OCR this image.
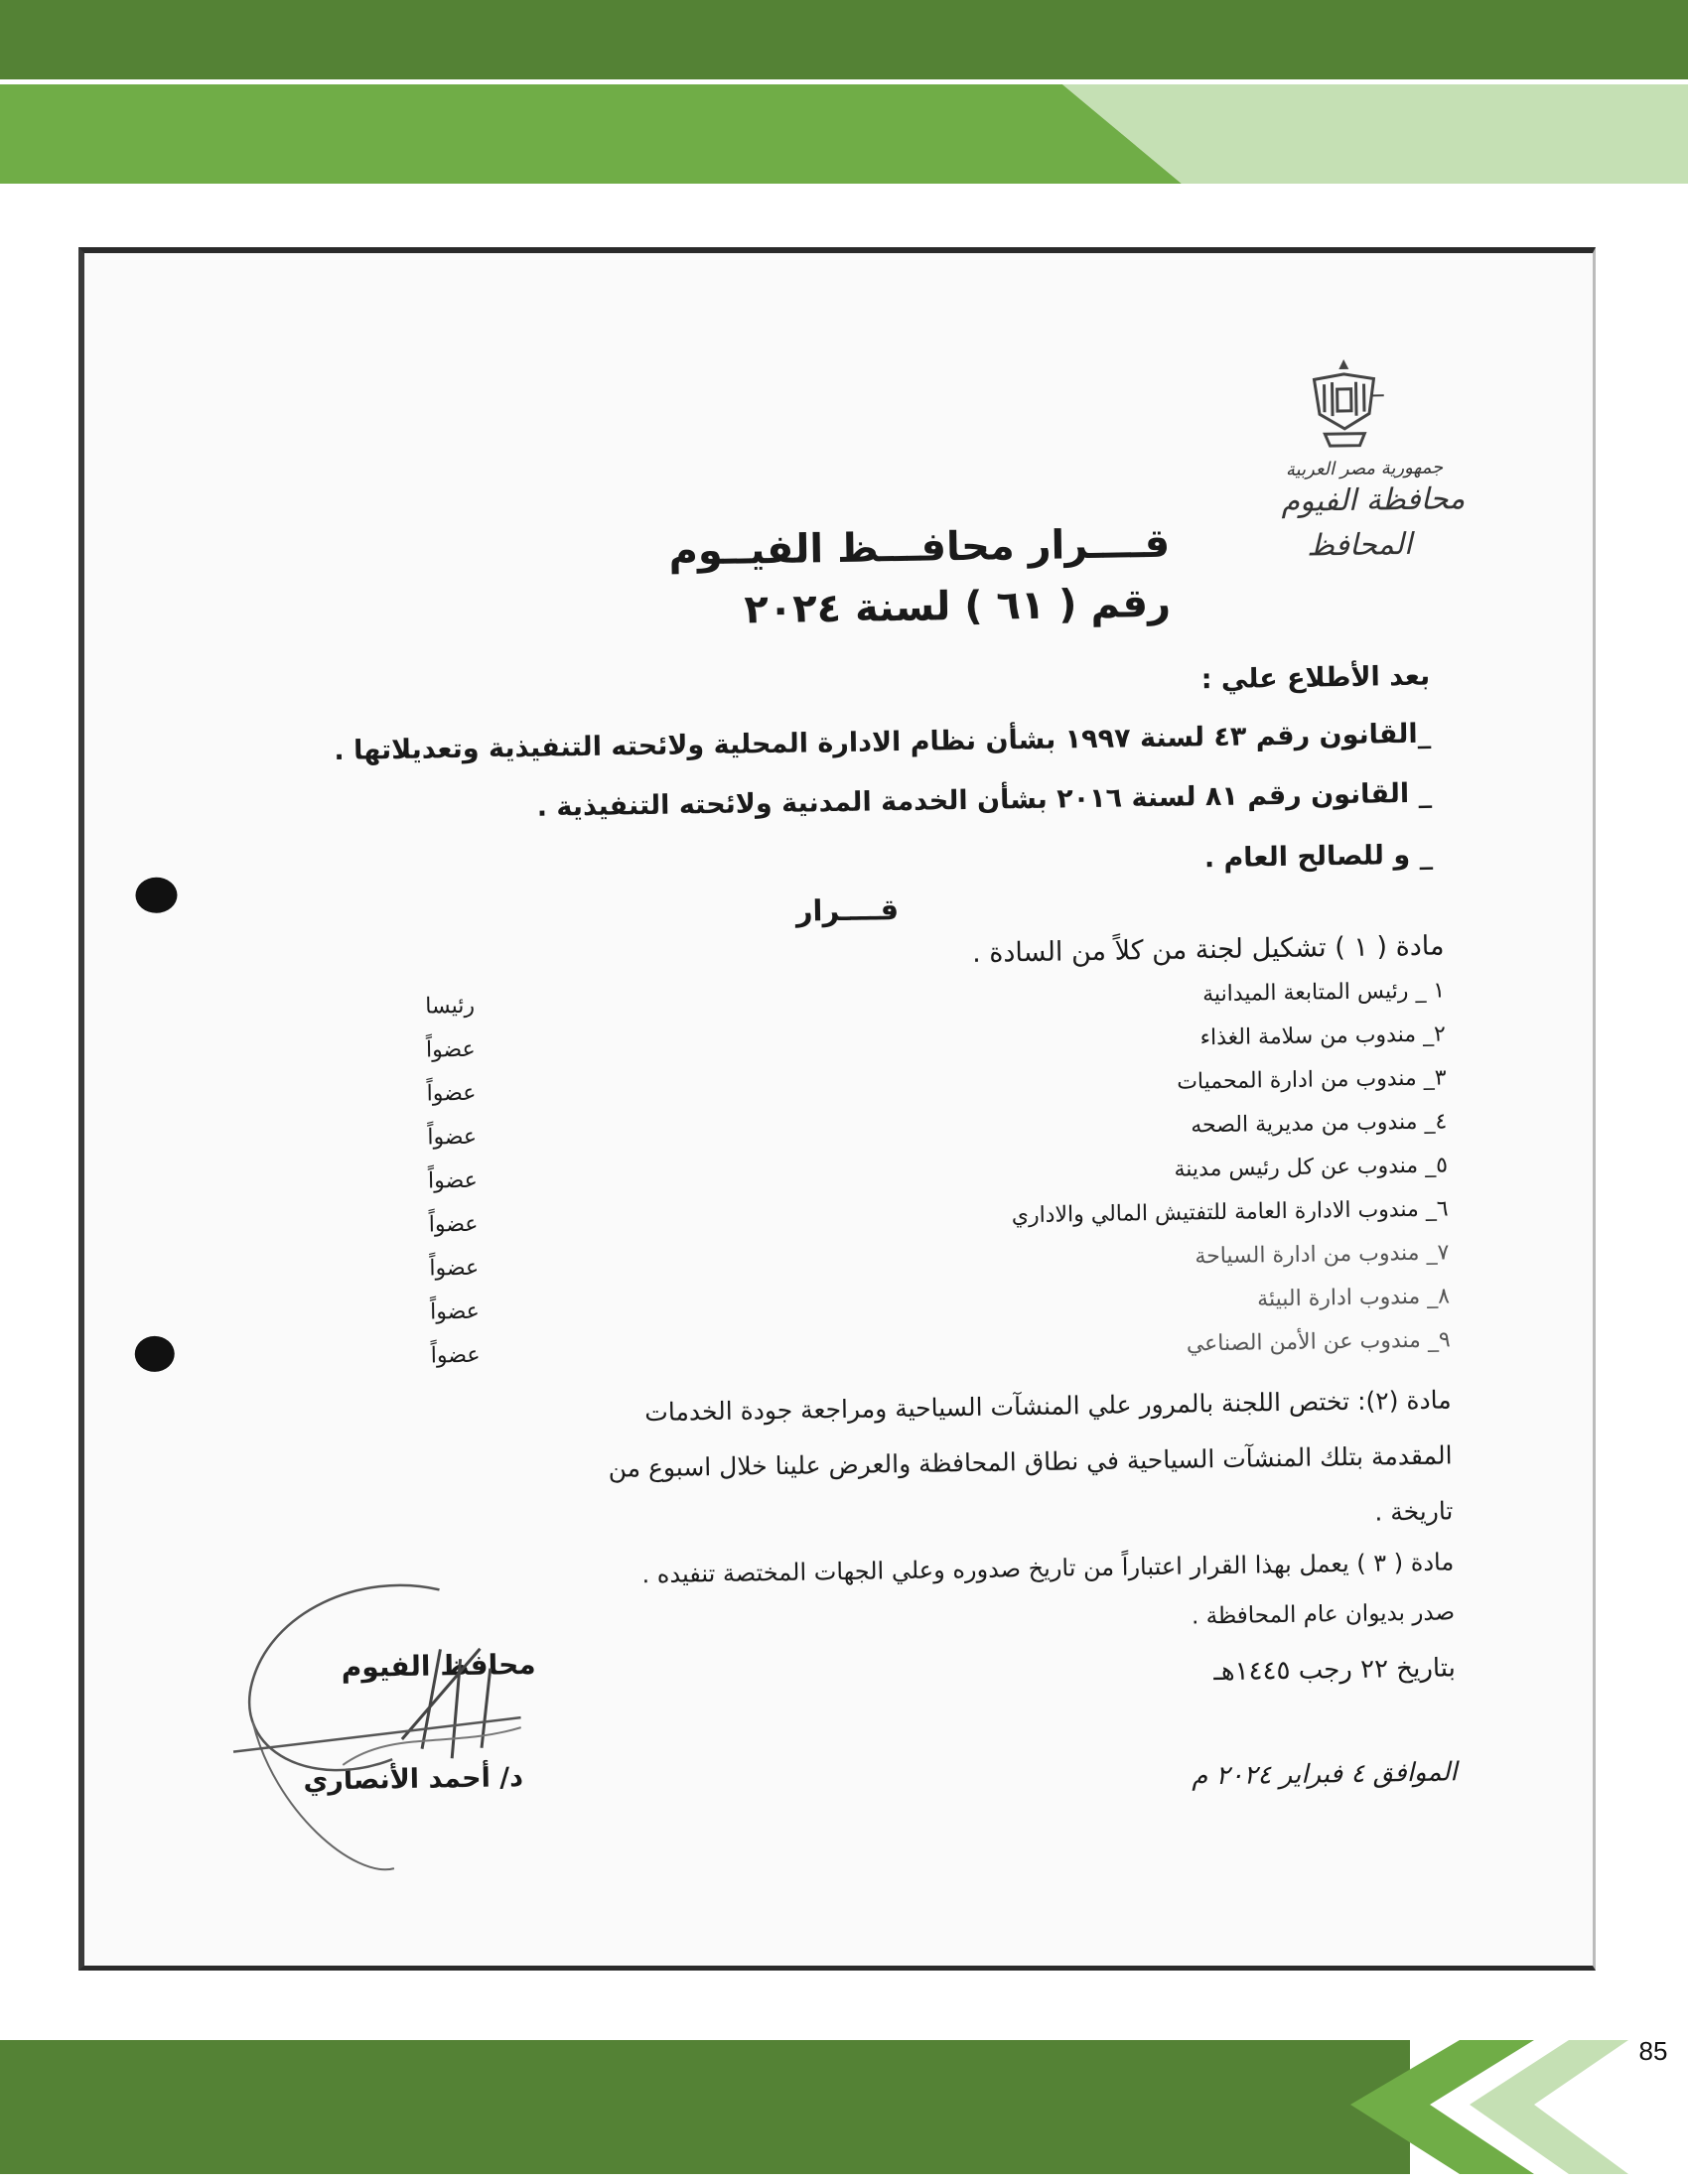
جمهورية مصر العربية
محافظة الفيوم
المحافظ
قــــرار محافـــظ الفيــوم
رقم ( ٦١ ) لسنة ٢٠٢٤
بعد الأطلاع علي :
_القانون رقم ٤٣ لسنة ١٩٩٧ بشأن نظام الادارة المحلية ولائحته التنفيذية وتعديلاتها .
_ القانون رقم ٨١ لسنة ٢٠١٦ بشأن الخدمة المدنية ولائحته التنفيذية .
_ و للصالح العام .
قــــرار
مادة ( ١ ) تشكيل لجنة من كلاً من السادة .
١ _ رئيس المتابعة الميدانية
رئيسا
٢_ مندوب من سلامة الغذاء
عضواً
٣_ مندوب من ادارة المحميات
عضواً
٤_ مندوب من مديرية الصحه
عضواً
٥_ مندوب عن كل رئيس مدينة
عضواً
٦_ مندوب الادارة العامة للتفتيش المالي والاداري
عضواً
٧_ مندوب من ادارة السياحة
عضواً
٨_ مندوب ادارة البيئة
عضواً
٩_ مندوب عن الأمن الصناعي
عضواً
مادة (٢): تختص اللجنة بالمرور علي المنشآت السياحية ومراجعة جودة الخدمات
المقدمة بتلك المنشآت السياحية في نطاق المحافظة والعرض علينا خلال اسبوع من
تاريخة .
مادة ( ٣ ) يعمل بهذا القرار اعتباراً من تاريخ صدوره وعلي الجهات المختصة تنفيده .
صدر بديوان عام المحافظة .
بتاريخ ٢٢ رجب ١٤٤٥هـ
الموافق ٤ فبراير ٢٠٢٤ م
محافظ الفيوم
د/ أحمد الأنصاري
85
